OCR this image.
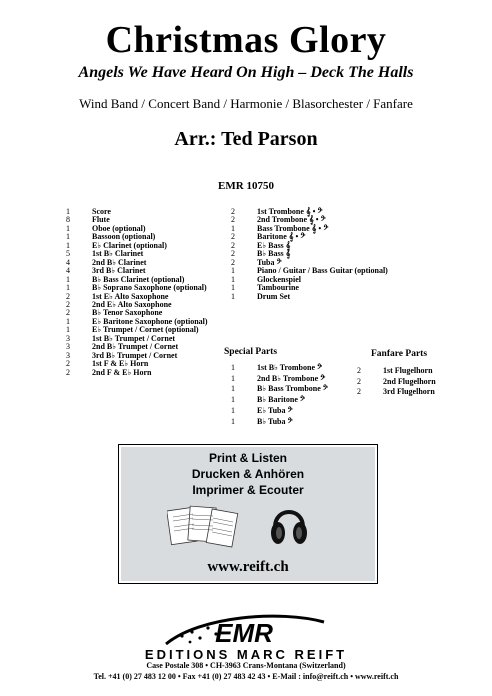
Christmas Glory
Angels We Have Heard On High – Deck The Halls
Wind Band / Concert Band / Harmonie / Blasorchester / Fanfare
Arr.: Ted Parson
EMR 10750
1	Score
8	Flute
1	Oboe (optional)
1	Bassoon (optional)
1	E♭ Clarinet (optional)
5	1st B♭ Clarinet
4	2nd B♭ Clarinet
4	3rd B♭ Clarinet
1	B♭ Bass Clarinet (optional)
1	B♭ Soprano Saxophone (optional)
2	1st E♭ Alto Saxophone
2	2nd E♭ Alto Saxophone
2	B♭ Tenor Saxophone
1	E♭ Baritone Saxophone (optional)
1	E♭ Trumpet / Cornet (optional)
3	1st B♭ Trumpet / Cornet
3	2nd B♭ Trumpet / Cornet
3	3rd B♭ Trumpet / Cornet
2	1st F & E♭ Horn
2	2nd F & E♭ Horn
2	1st Trombone 𝄞 • 𝄢
2	2nd Trombone 𝄞 • 𝄢
1	Bass Trombone 𝄞 • 𝄢
2	Baritone 𝄞 • 𝄢
2	E♭ Bass 𝄞
2	B♭ Bass 𝄞
2	Tuba 𝄢
1	Piano / Guitar / Bass Guitar (optional)
1	Glockenspiel
1	Tambourine
1	Drum Set
Special Parts
1	1st B♭ Trombone 𝄢
1	2nd B♭ Trombone 𝄢
1	B♭ Bass Trombone 𝄢
1	B♭ Baritone 𝄢
1	E♭ Tuba 𝄢
1	B♭ Tuba 𝄢
Fanfare Parts
2	1st Flugelhorn
2	2nd Flugelhorn
2	3rd Flugelhorn
Print & Listen
Drucken & Anhören
Imprimer & Ecouter
www.reift.ch
EMR
EDITIONS MARC REIFT
Case Postale 308 • CH-3963 Crans-Montana (Switzerland)
Tel. +41 (0) 27 483 12 00 • Fax +41 (0) 27 483 42 43 • E-Mail : info@reift.ch • www.reift.ch
